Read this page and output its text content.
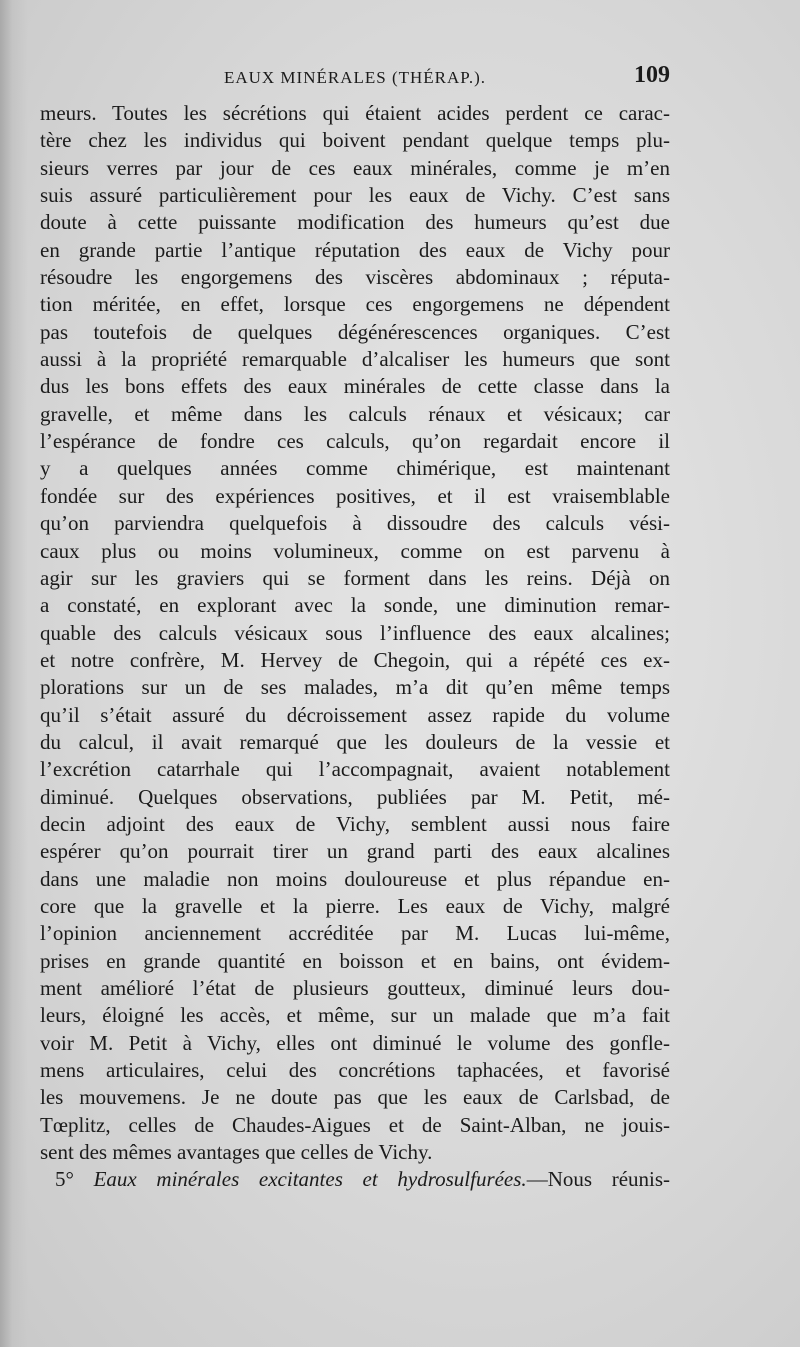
EAUX MINÉRALES (THÉRAP.).	109
meurs. Toutes les sécrétions qui étaient acides perdent ce carac-
tère chez les individus qui boivent pendant quelque temps plu-
sieurs verres par jour de ces eaux minérales, comme je m’en
suis assuré particulièrement pour les eaux de Vichy. C’est sans
doute à cette puissante modification des humeurs qu’est due
en grande partie l’antique réputation des eaux de Vichy pour
résoudre les engorgemens des viscères abdominaux ; réputa-
tion méritée, en effet, lorsque ces engorgemens ne dépendent
pas toutefois de quelques dégénérescences organiques. C’est
aussi à la propriété remarquable d’alcaliser les humeurs que sont
dus les bons effets des eaux minérales de cette classe dans la
gravelle, et même dans les calculs rénaux et vésicaux; car
l’espérance de fondre ces calculs, qu’on regardait encore il
y a quelques années comme chimérique, est maintenant
fondée sur des expériences positives, et il est vraisemblable
qu’on parviendra quelquefois à dissoudre des calculs vési-
caux plus ou moins volumineux, comme on est parvenu à
agir sur les graviers qui se forment dans les reins. Déjà on
a constaté, en explorant avec la sonde, une diminution remar-
quable des calculs vésicaux sous l’influence des eaux alcalines;
et notre confrère, M. Hervey de Chegoin, qui a répété ces ex-
plorations sur un de ses malades, m’a dit qu’en même temps
qu’il s’était assuré du décroissement assez rapide du volume
du calcul, il avait remarqué que les douleurs de la vessie et
l’excrétion catarrhale qui l’accompagnait, avaient notablement
diminué. Quelques observations, publiées par M. Petit, mé-
decin adjoint des eaux de Vichy, semblent aussi nous faire
espérer qu’on pourrait tirer un grand parti des eaux alcalines
dans une maladie non moins douloureuse et plus répandue en-
core que la gravelle et la pierre. Les eaux de Vichy, malgré
l’opinion anciennement accréditée par M. Lucas lui-même,
prises en grande quantité en boisson et en bains, ont évidem-
ment amélioré l’état de plusieurs goutteux, diminué leurs dou-
leurs, éloigné les accès, et même, sur un malade que m’a fait
voir M. Petit à Vichy, elles ont diminué le volume des gonfle-
mens articulaires, celui des concrétions taphacées, et favorisé
les mouvemens. Je ne doute pas que les eaux de Carlsbad, de
Tœplitz, celles de Chaudes-Aigues et de Saint-Alban, ne jouis-
sent des mêmes avantages que celles de Vichy.
5° Eaux minérales excitantes et hydrosulfurées.—Nous réunis-
